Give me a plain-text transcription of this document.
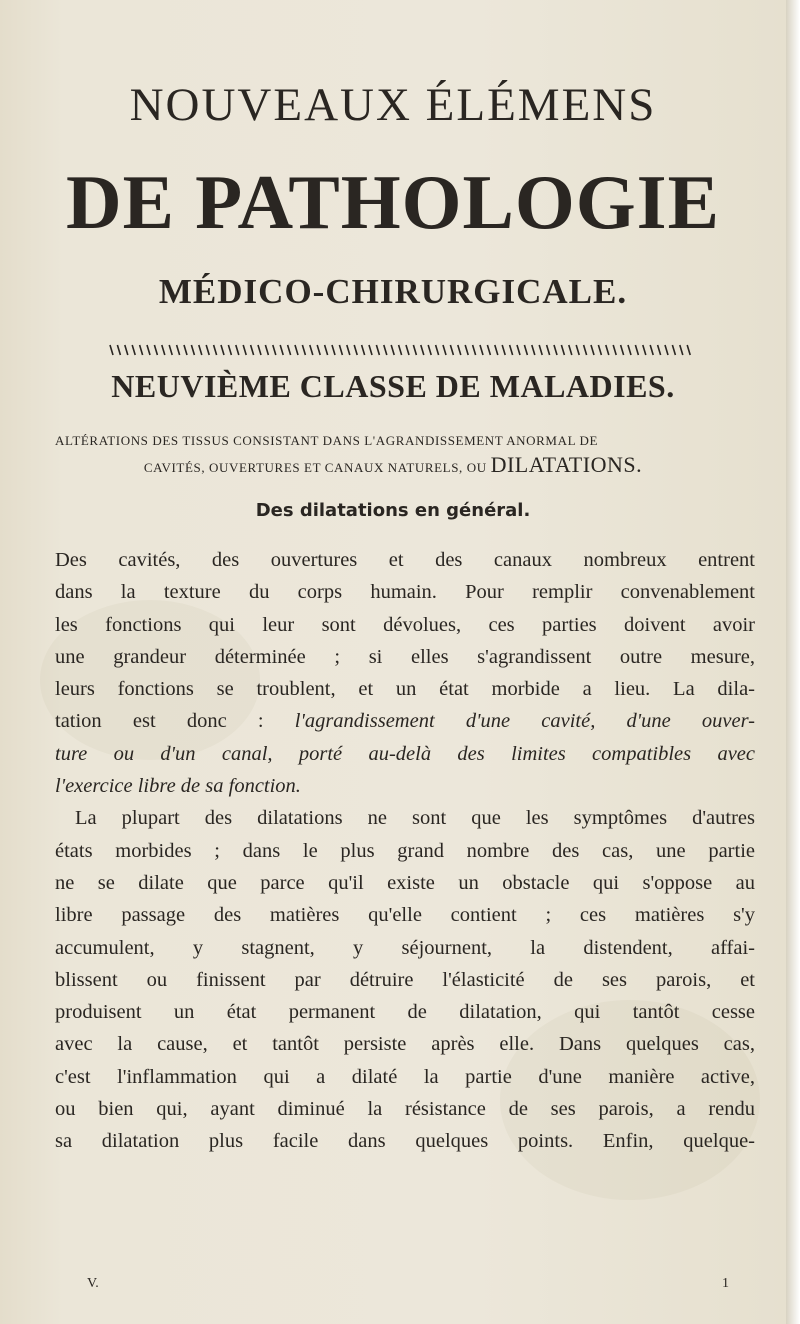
NOUVEAUX ÉLÉMENS
DE PATHOLOGIE
MÉDICO-CHIRURGICALE.
NEUVIÈME CLASSE DE MALADIES.
ALTÉRATIONS DES TISSUS CONSISTANT DANS L'AGRANDISSEMENT ANORMAL DE
CAVITÉS, OUVERTURES ET CANAUX NATURELS, OU DILATATIONS.
Des dilatations en général.
Des cavités, des ouvertures et des canaux nombreux entrent
dans la texture du corps humain. Pour remplir convenablement
les fonctions qui leur sont dévolues, ces parties doivent avoir
une grandeur déterminée ; si elles s'agrandissent outre mesure,
leurs fonctions se troublent, et un état morbide a lieu. La dila-
tation est donc : l'agrandissement d'une cavité, d'une ouver-
ture ou d'un canal, porté au-delà des limites compatibles avec
l'exercice libre de sa fonction.
La plupart des dilatations ne sont que les symptômes d'autres
états morbides ; dans le plus grand nombre des cas, une partie
ne se dilate que parce qu'il existe un obstacle qui s'oppose au
libre passage des matières qu'elle contient ; ces matières s'y
accumulent, y stagnent, y séjournent, la distendent, affai-
blissent ou finissent par détruire l'élasticité de ses parois, et
produisent un état permanent de dilatation, qui tantôt cesse
avec la cause, et tantôt persiste après elle. Dans quelques cas,
c'est l'inflammation qui a dilaté la partie d'une manière active,
ou bien qui, ayant diminué la résistance de ses parois, a rendu
sa dilatation plus facile dans quelques points. Enfin, quelque-
V.	1
